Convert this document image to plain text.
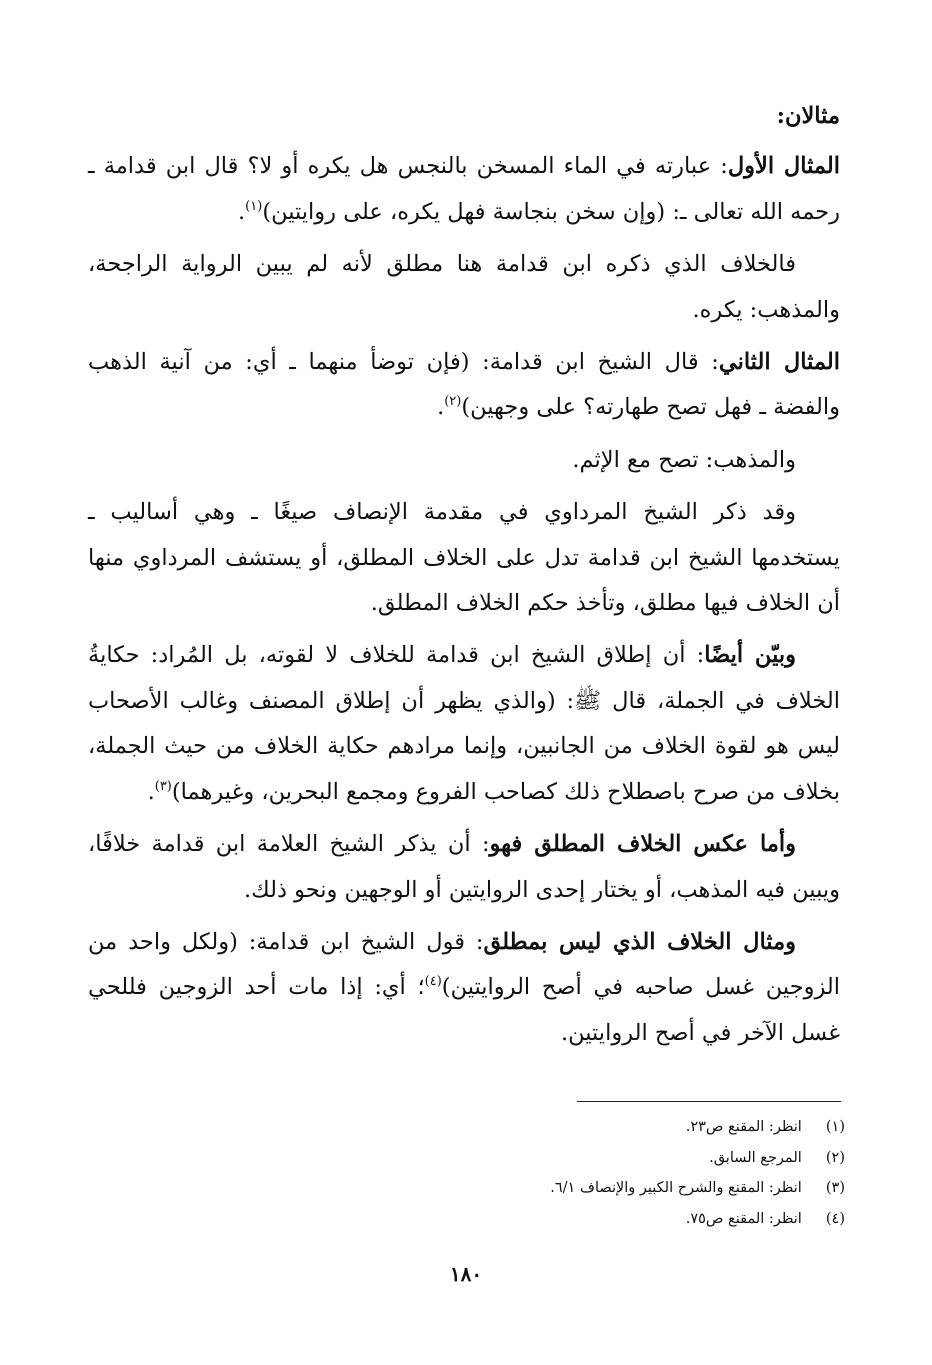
مثالان:

المثال الأول: عبارته في الماء المسخن بالنجس هل يكره أو لا؟ قال ابن قدامة ـ رحمه الله تعالى ـ: (وإن سخن بنجاسة فهل يكره، على روايتين)$^{(١)}$.

فالخلاف الذي ذكره ابن قدامة هنا مطلق لأنه لم يبين الرواية الراجحة، والمذهب: يكره.

المثال الثاني: قال الشيخ ابن قدامة: (فإن توضأ منهما ـ أي: من آنية الذهب والفضة ـ فهل تصح طهارته؟ على وجهين)$^{(٢)}$.

والمذهب: تصح مع الإثم.

وقد ذكر الشيخ المرداوي في مقدمة الإنصاف صيغًا ـ وهي أساليب ـ يستخدمها الشيخ ابن قدامة تدل على الخلاف المطلق، أو يستشف المرداوي منها أن الخلاف فيها مطلق، وتأخذ حكم الخلاف المطلق.

وبيّن أيضًا: أن إطلاق الشيخ ابن قدامة للخلاف لا لقوته، بل المُراد: حكايةُ الخلاف في الجملة، قال ﷺ: (والذي يظهر أن إطلاق المصنف وغالب الأصحاب ليس هو لقوة الخلاف من الجانبين، وإنما مرادهم حكاية الخلاف من حيث الجملة، بخلاف من صرح باصطلاح ذلك كصاحب الفروع ومجمع البحرين، وغيرهما)$^{(٣)}$.

وأما عكس الخلاف المطلق فهو: أن يذكر الشيخ العلامة ابن قدامة خلافًا، ويبين فيه المذهب، أو يختار إحدى الروايتين أو الوجهين ونحو ذلك.

ومثال الخلاف الذي ليس بمطلق: قول الشيخ ابن قدامة: (ولكل واحد من الزوجين غسل صاحبه في أصح الروايتين)$^{(٤)}$؛ أي: إذا مات أحد الزوجين فللحي غسل الآخر في أصح الروايتين.

(١)  انظر: المقنع ص٢٣.
(٢)  المرجع السابق.
(٣)  انظر: المقنع والشرح الكبير والإنصاف ٦/١.
(٤)  انظر: المقنع ص٧٥.
١٨٠
